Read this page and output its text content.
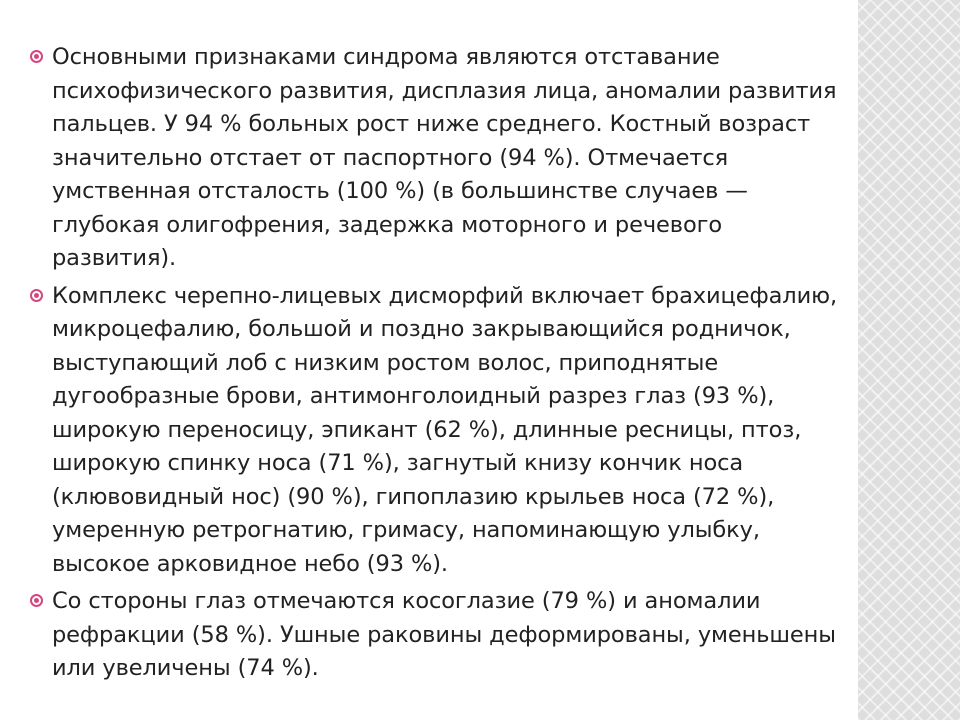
Основными признаками синдрома являются отставание психофизического развития, дисплазия лица, аномалии развития пальцев. У 94 % больных рост ниже среднего. Костный возраст значительно отстает от паспортного (94 %). Отмечается умственная отсталость (100 %) (в большинстве случаев — глубокая олигофрения, задержка моторного и речевого развития).

Комплекс черепно-лицевых дисморфий включает брахицефалию, микроцефалию, большой и поздно закрывающийся родничок, выступающий лоб с низким ростом волос, приподнятые дугообразные брови, антимонголоидный разрез глаз (93 %), широкую переносицу, эпикант (62 %), длинные ресницы, птоз, широкую спинку носа (71 %), загнутый книзу кончик носа (клювовидный нос) (90 %), гипоплазию крыльев носа (72 %), умеренную ретрогнатию, гримасу, напоминающую улыбку, высокое арковидное небо (93 %).

Со стороны глаз отмечаются косоглазие (79 %) и аномалии рефракции (58 %). Ушные раковины деформированы, уменьшены или увеличены (74 %).
